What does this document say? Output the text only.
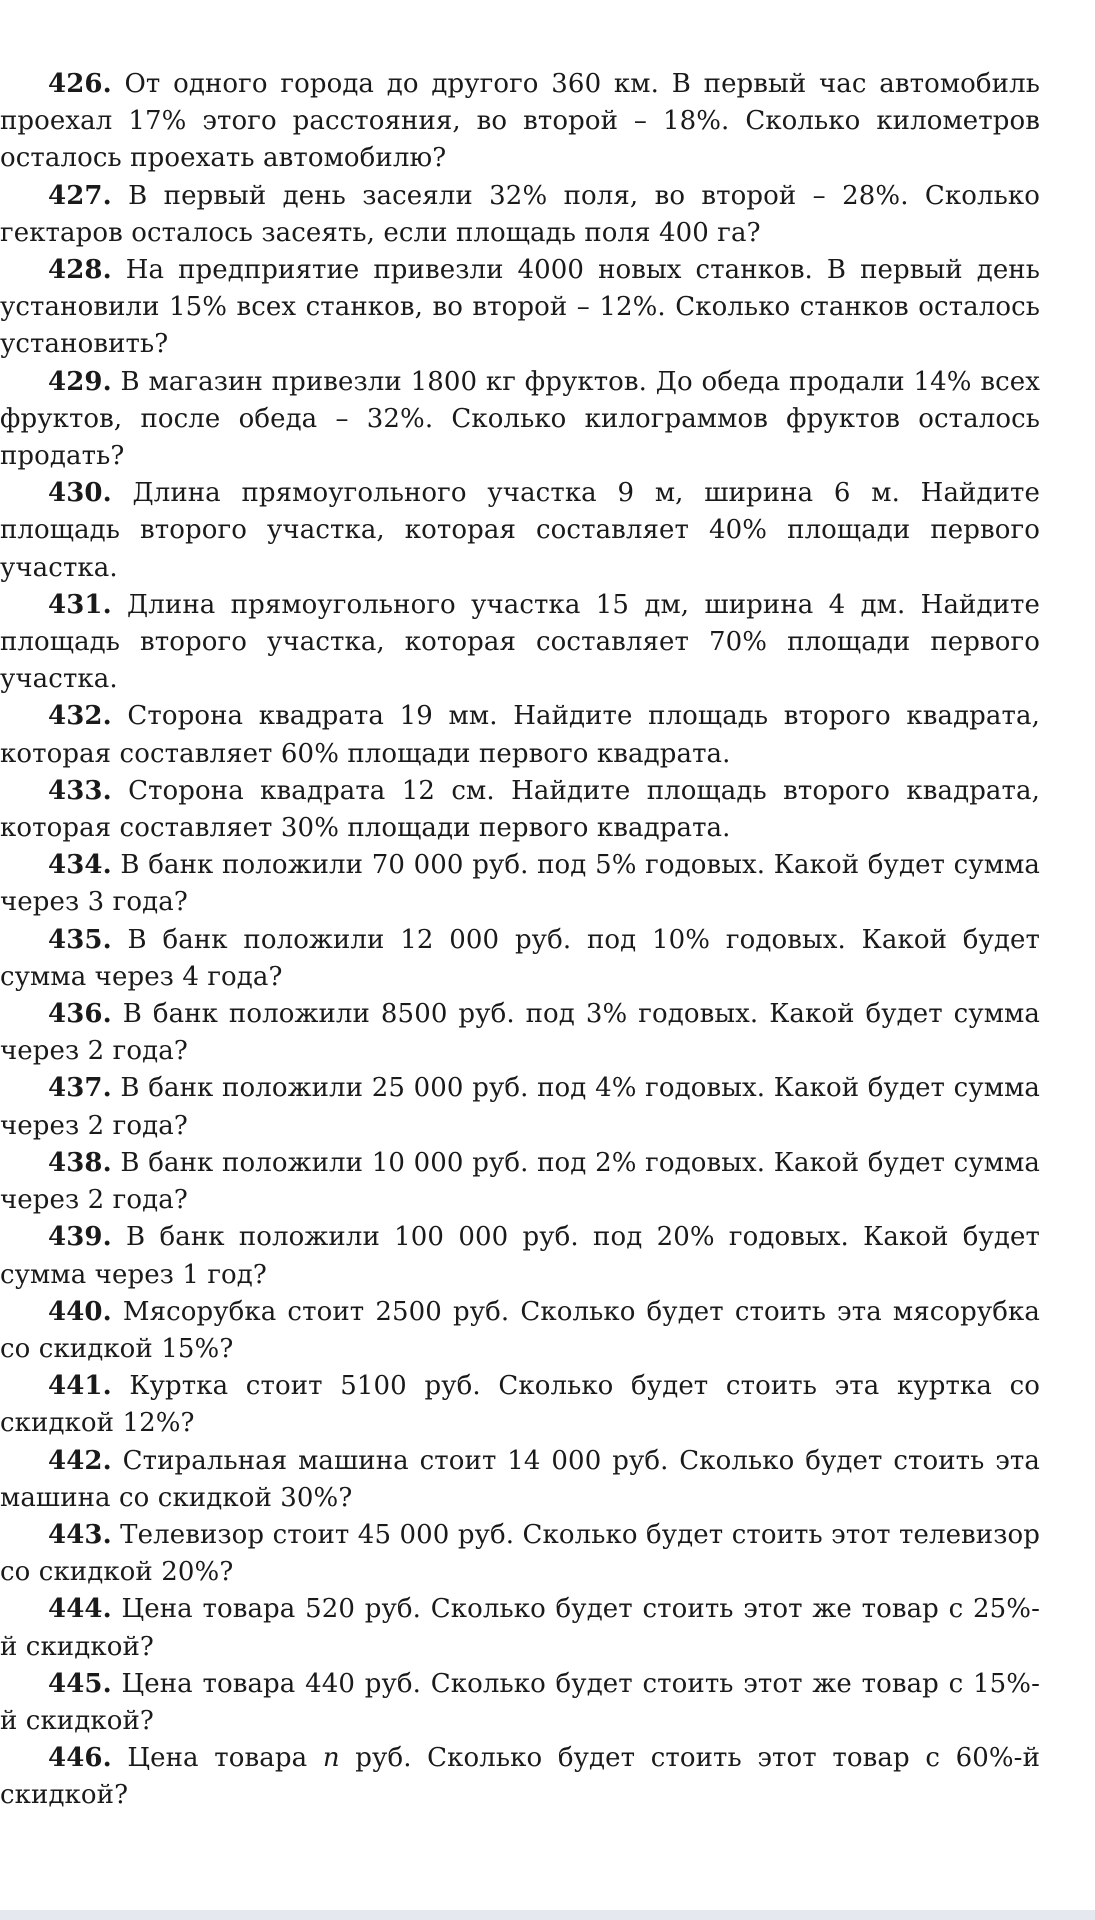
426. От одного города до другого 360 км. В первый час автомобиль проехал 17% этого расстояния, во второй – 18%. Сколько километров осталось проехать автомобилю?

427. В первый день засеяли 32% поля, во второй – 28%. Сколько гектаров осталось засеять, если площадь поля 400 га?

428. На предприятие привезли 4000 новых станков. В первый день установили 15% всех станков, во второй – 12%. Сколько станков осталось установить?

429. В магазин привезли 1800 кг фруктов. До обеда продали 14% всех фруктов, после обеда – 32%. Сколько килограммов фруктов осталось продать?

430. Длина прямоугольного участка 9 м, ширина 6 м. Найдите площадь второго участка, которая составляет 40% площади первого участка.

431. Длина прямоугольного участка 15 дм, ширина 4 дм. Найдите площадь второго участка, которая составляет 70% площади первого участка.

432. Сторона квадрата 19 мм. Найдите площадь второго квадрата, которая составляет 60% площади первого квадрата.

433. Сторона квадрата 12 см. Найдите площадь второго квадрата, которая составляет 30% площади первого квадрата.

434. В банк положили 70 000 руб. под 5% годовых. Какой будет сумма через 3 года?

435. В банк положили 12 000 руб. под 10% годовых. Какой будет сумма через 4 года?

436. В банк положили 8500 руб. под 3% годовых. Какой будет сумма через 2 года?

437. В банк положили 25 000 руб. под 4% годовых. Какой будет сумма через 2 года?

438. В банк положили 10 000 руб. под 2% годовых. Какой будет сумма через 2 года?

439. В банк положили 100 000 руб. под 20% годовых. Какой будет сумма через 1 год?

440. Мясорубка стоит 2500 руб. Сколько будет стоить эта мясорубка со скидкой 15%?

441. Куртка стоит 5100 руб. Сколько будет стоить эта куртка со скидкой 12%?

442. Стиральная машина стоит 14 000 руб. Сколько будет стоить эта машина со скидкой 30%?

443. Телевизор стоит 45 000 руб. Сколько будет стоить этот телевизор со скидкой 20%?

444. Цена товара 520 руб. Сколько будет стоить этот же товар с 25%-й скидкой?

445. Цена товара 440 руб. Сколько будет стоить этот же товар с 15%-й скидкой?

446. Цена товара n руб. Сколько будет стоить этот товар с 60%-й скидкой?
